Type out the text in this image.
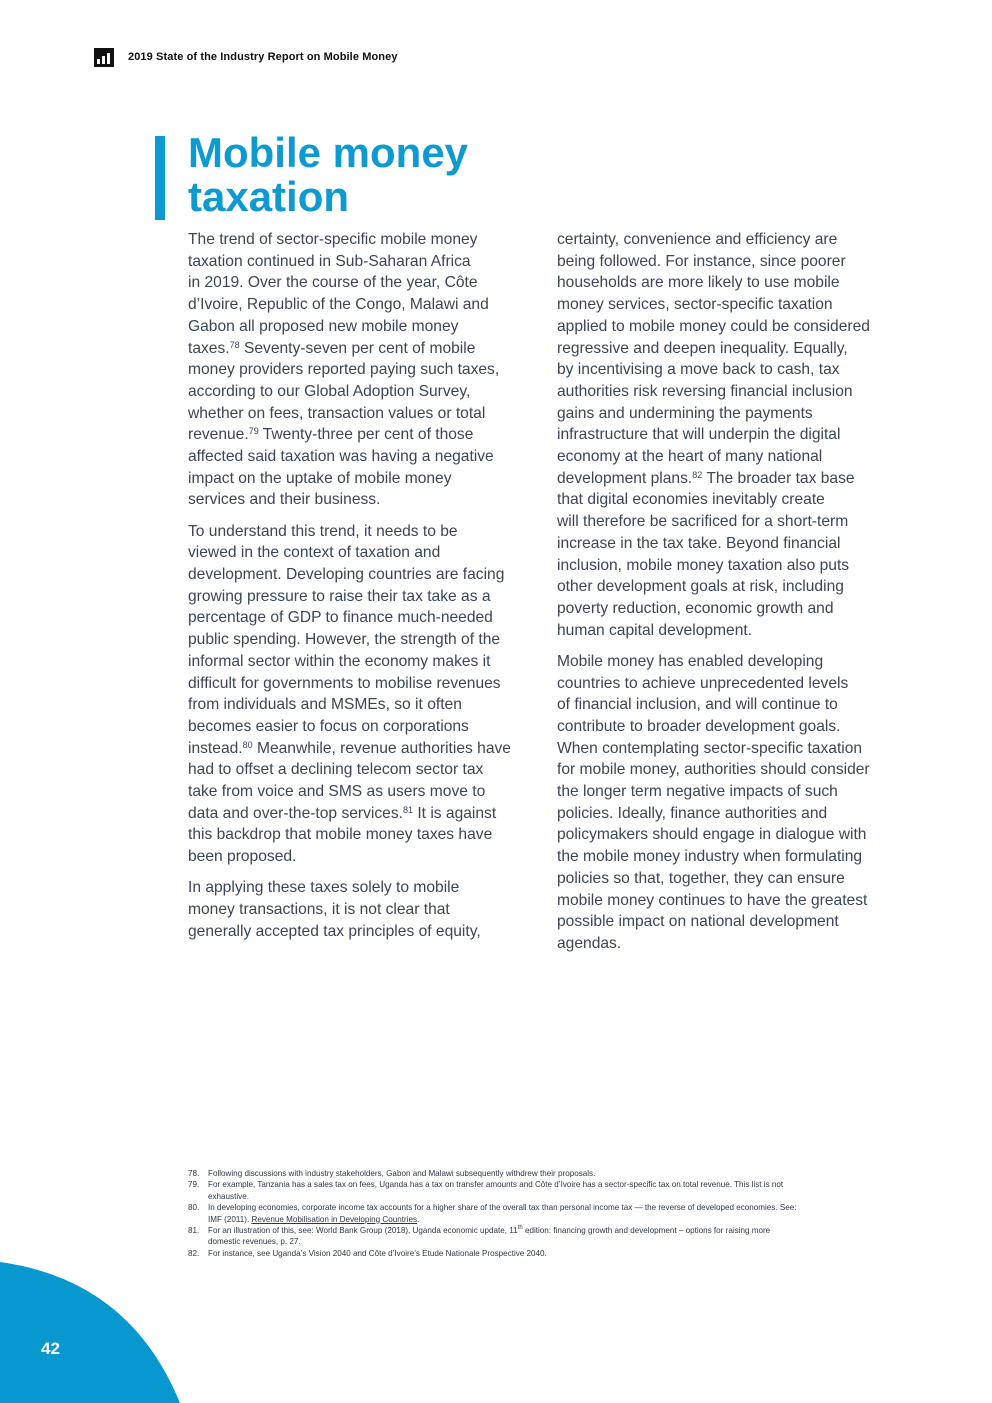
2019 State of the Industry Report on Mobile Money
Mobile money
taxation

The trend of sector-specific mobile money
taxation continued in Sub-Saharan Africa
in 2019. Over the course of the year, Côte
d’Ivoire, Republic of the Congo, Malawi and
Gabon all proposed new mobile money
taxes.$^{78}$ Seventy-seven per cent of mobile
money providers reported paying such taxes,
according to our Global Adoption Survey,
whether on fees, transaction values or total
revenue.$^{79}$ Twenty-three per cent of those
affected said taxation was having a negative
impact on the uptake of mobile money
services and their business.

To understand this trend, it needs to be
viewed in the context of taxation and
development. Developing countries are facing
growing pressure to raise their tax take as a
percentage of GDP to finance much-needed
public spending. However, the strength of the
informal sector within the economy makes it
difficult for governments to mobilise revenues
from individuals and MSMEs, so it often
becomes easier to focus on corporations
instead.$^{80}$ Meanwhile, revenue authorities have
had to offset a declining telecom sector tax
take from voice and SMS as users move to
data and over-the-top services.$^{81}$ It is against
this backdrop that mobile money taxes have
been proposed.

In applying these taxes solely to mobile
money transactions, it is not clear that
generally accepted tax principles of equity,

certainty, convenience and efficiency are
being followed. For instance, since poorer
households are more likely to use mobile
money services, sector-specific taxation
applied to mobile money could be considered
regressive and deepen inequality. Equally,
by incentivising a move back to cash, tax
authorities risk reversing financial inclusion
gains and undermining the payments
infrastructure that will underpin the digital
economy at the heart of many national
development plans.$^{82}$ The broader tax base
that digital economies inevitably create
will therefore be sacrificed for a short-term
increase in the tax take. Beyond financial
inclusion, mobile money taxation also puts
other development goals at risk, including
poverty reduction, economic growth and
human capital development.

Mobile money has enabled developing
countries to achieve unprecedented levels
of financial inclusion, and will continue to
contribute to broader development goals.
When contemplating sector-specific taxation
for mobile money, authorities should consider
the longer term negative impacts of such
policies. Ideally, finance authorities and
policymakers should engage in dialogue with
the mobile money industry when formulating
policies so that, together, they can ensure
mobile money continues to have the greatest
possible impact on national development
agendas.

78.	Following discussions with industry stakeholders, Gabon and Malawi subsequently withdrew their proposals.
79.	For example, Tanzania has a sales tax on fees, Uganda has a tax on transfer amounts and Côte d’Ivoire has a sector-specific tax on total revenue. This list is not
exhaustive.
80.	In developing economies, corporate income tax accounts for a higher share of the overall tax than personal income tax — the reverse of developed economies. See:
IMF (2011). Revenue Mobilisation in Developing Countries.
81.	For an illustration of this, see: World Bank Group (2018), Uganda economic update, 11th edition: financing growth and development – options for raising more
domestic revenues, p. 27.
82.	For instance, see Uganda’s Vision 2040 and Côte d’Ivoire’s Etude Nationale Prospective 2040.
42
